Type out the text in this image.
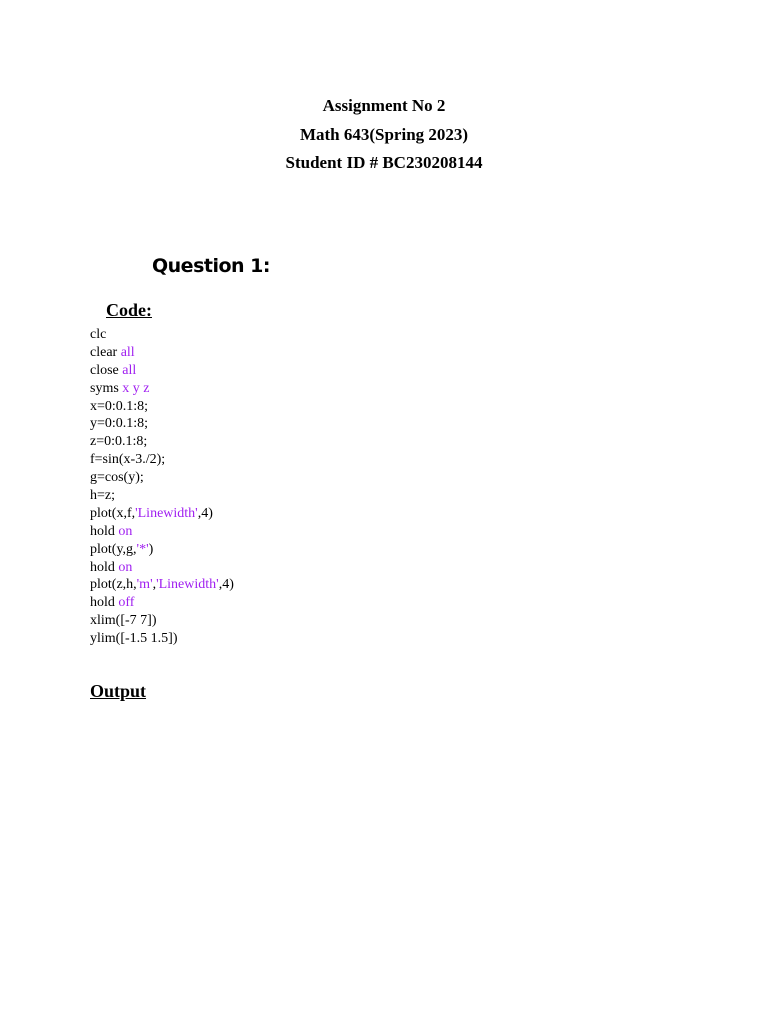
Assignment No 2
Math 643(Spring 2023)
Student ID # BC230208144
Question 1:
Code:
clc
clear all
close all
syms x y z
x=0:0.1:8;
y=0:0.1:8;
z=0:0.1:8;
f=sin(x-3./2);
g=cos(y);
h=z;
plot(x,f,'Linewidth',4)
hold on
plot(y,g,'*')
hold on
plot(z,h,'m','Linewidth',4)
hold off
xlim([-7 7])
ylim([-1.5 1.5])
Output
